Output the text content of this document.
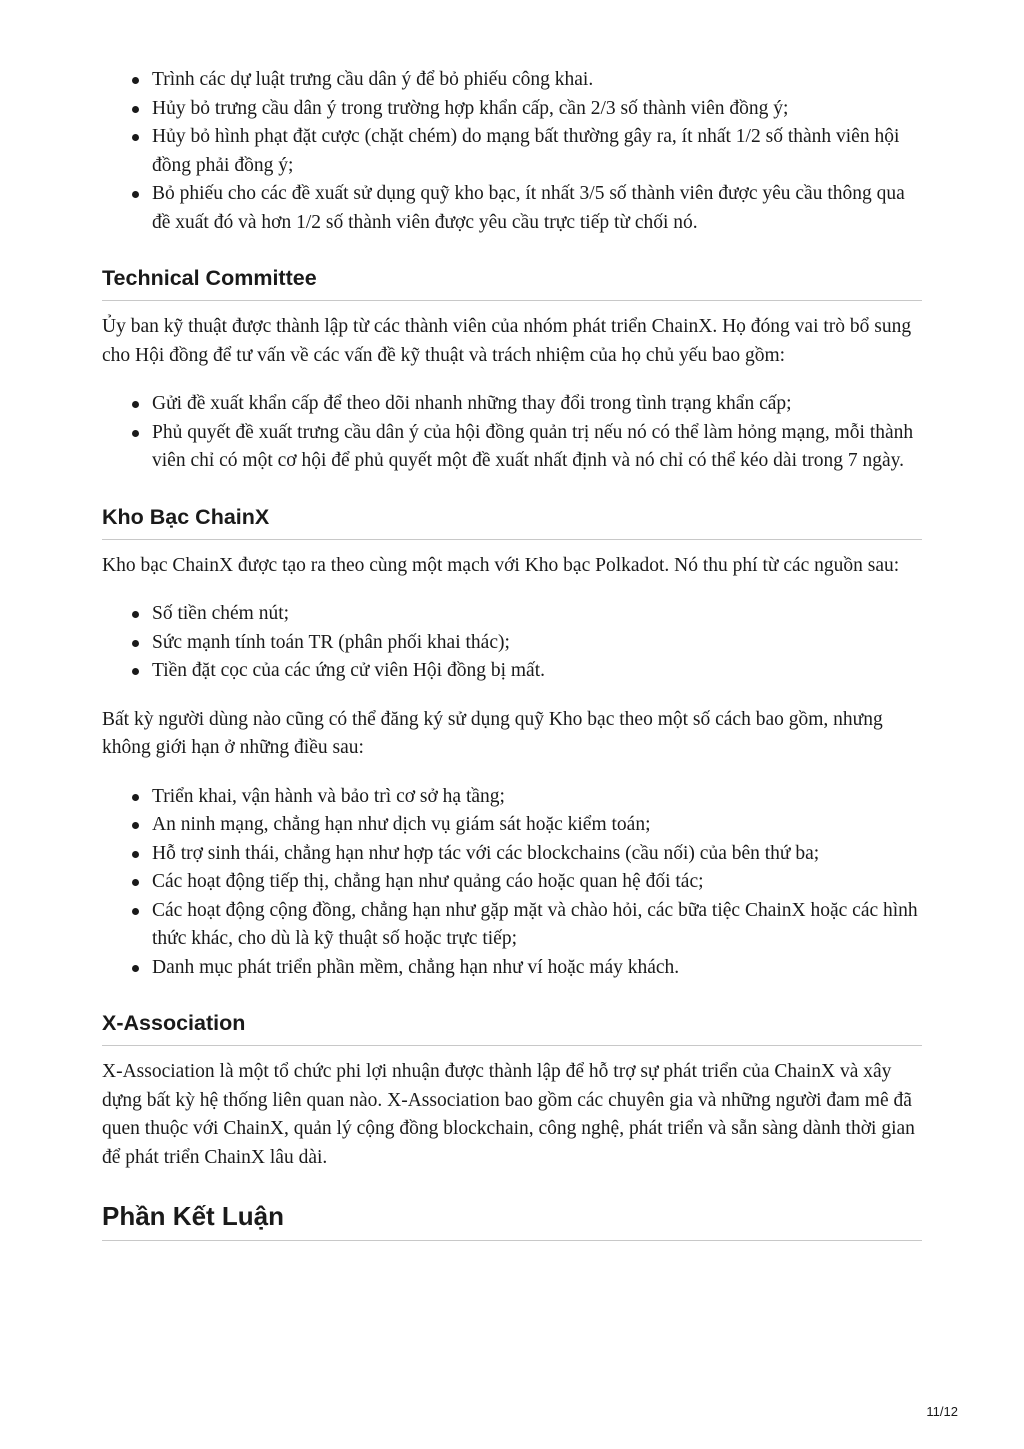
Trình các dự luật trưng cầu dân ý để bỏ phiếu công khai.
Hủy bỏ trưng cầu dân ý trong trường hợp khẩn cấp, cần 2/3 số thành viên đồng ý;
Hủy bỏ hình phạt đặt cược (chặt chém) do mạng bất thường gây ra, ít nhất 1/2 số thành viên hội đồng phải đồng ý;
Bỏ phiếu cho các đề xuất sử dụng quỹ kho bạc, ít nhất 3/5 số thành viên được yêu cầu thông qua đề xuất đó và hơn 1/2 số thành viên được yêu cầu trực tiếp từ chối nó.
Technical Committee

Ủy ban kỹ thuật được thành lập từ các thành viên của nhóm phát triển ChainX. Họ đóng vai trò bổ sung cho Hội đồng để tư vấn về các vấn đề kỹ thuật và trách nhiệm của họ chủ yếu bao gồm:

Gửi đề xuất khẩn cấp để theo dõi nhanh những thay đổi trong tình trạng khẩn cấp;
Phủ quyết đề xuất trưng cầu dân ý của hội đồng quản trị nếu nó có thể làm hỏng mạng, mỗi thành viên chỉ có một cơ hội để phủ quyết một đề xuất nhất định và nó chỉ có thể kéo dài trong 7 ngày.
Kho Bạc ChainX

Kho bạc ChainX được tạo ra theo cùng một mạch với Kho bạc Polkadot. Nó thu phí từ các nguồn sau:

Số tiền chém nút;
Sức mạnh tính toán TR (phân phối khai thác);
Tiền đặt cọc của các ứng cử viên Hội đồng bị mất.

Bất kỳ người dùng nào cũng có thể đăng ký sử dụng quỹ Kho bạc theo một số cách bao gồm, nhưng không giới hạn ở những điều sau:

Triển khai, vận hành và bảo trì cơ sở hạ tầng;
An ninh mạng, chẳng hạn như dịch vụ giám sát hoặc kiểm toán;
Hỗ trợ sinh thái, chẳng hạn như hợp tác với các blockchains (cầu nối) của bên thứ ba;
Các hoạt động tiếp thị, chẳng hạn như quảng cáo hoặc quan hệ đối tác;
Các hoạt động cộng đồng, chẳng hạn như gặp mặt và chào hỏi, các bữa tiệc ChainX hoặc các hình thức khác, cho dù là kỹ thuật số hoặc trực tiếp;
Danh mục phát triển phần mềm, chẳng hạn như ví hoặc máy khách.
X-Association

X-Association là một tổ chức phi lợi nhuận được thành lập để hỗ trợ sự phát triển của ChainX và xây dựng bất kỳ hệ thống liên quan nào. X-Association bao gồm các chuyên gia và những người đam mê đã quen thuộc với ChainX, quản lý cộng đồng blockchain, công nghệ, phát triển và sẵn sàng dành thời gian để phát triển ChainX lâu dài.

Phần Kết Luận
11/12
